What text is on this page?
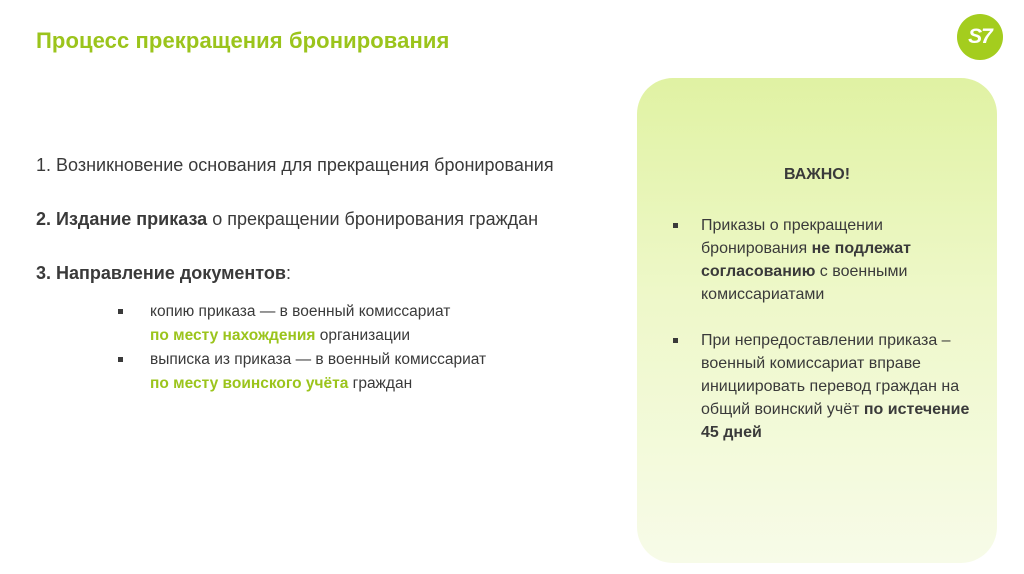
Процесс прекращения бронирования	S7

1. Возникновение основания для прекращения бронирования

2. Издание приказа о прекращении бронирования граждан

3. Направление документов:

копию приказа — в военный комиссариат
по месту нахождения организации
выписка из приказа — в военный комиссариат
по месту воинского учёта граждан

ВАЖНО!

Приказы о прекращении бронирования не подлежат согласованию с военными комиссариатами
При непредоставлении приказа – военный комиссариат вправе инициировать перевод граждан на общий воинский учёт по истечение 45 дней
